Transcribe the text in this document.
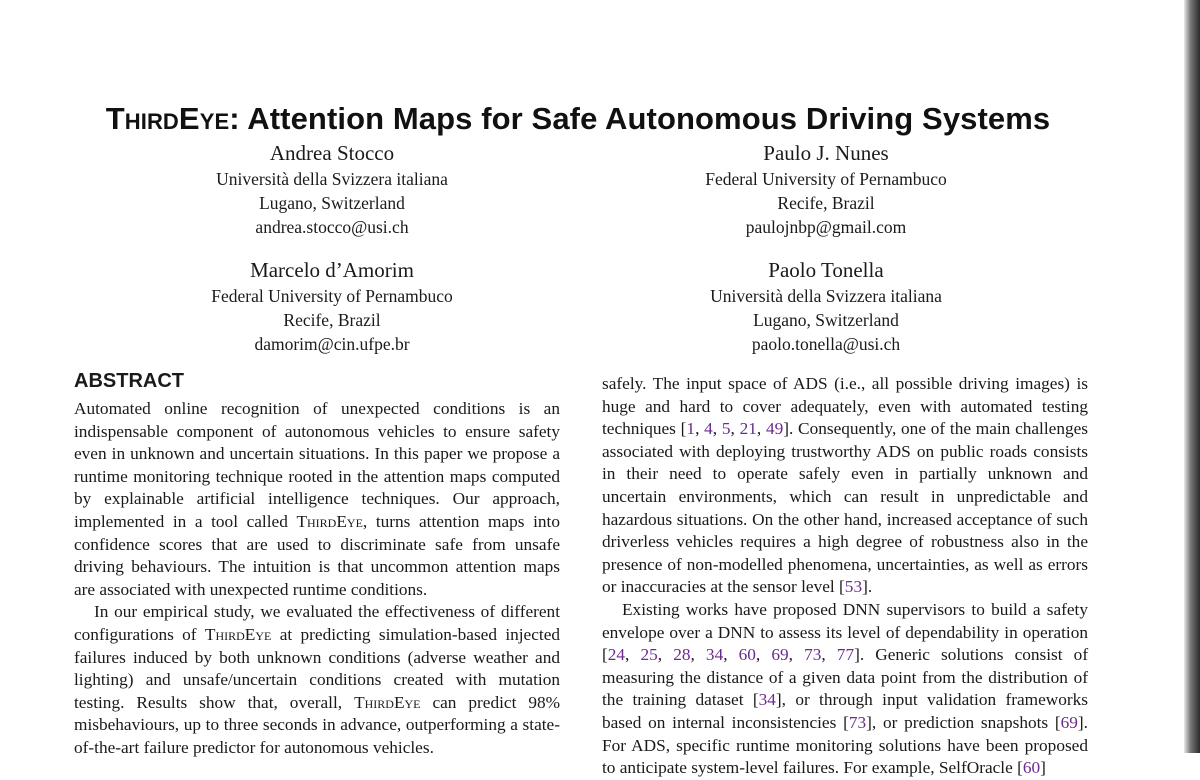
ThirdEye: Attention Maps for Safe Autonomous Driving Systems
Andrea Stocco
Università della Svizzera italiana
Lugano, Switzerland
andrea.stocco@usi.ch
Paulo J. Nunes
Federal University of Pernambuco
Recife, Brazil
paulojnbp@gmail.com
Marcelo d’Amorim
Federal University of Pernambuco
Recife, Brazil
damorim@cin.ufpe.br
Paolo Tonella
Università della Svizzera italiana
Lugano, Switzerland
paolo.tonella@usi.ch
ABSTRACT

Automated online recognition of unexpected conditions is an indispensable component of autonomous vehicles to ensure safety even in unknown and uncertain situations. In this paper we propose a runtime monitoring technique rooted in the attention maps computed by explainable artificial intelligence techniques. Our approach, implemented in a tool called ThirdEye, turns attention maps into confidence scores that are used to discriminate safe from unsafe driving behaviours. The intuition is that uncommon attention maps are associated with unexpected runtime conditions.

In our empirical study, we evaluated the effectiveness of different configurations of ThirdEye at predicting simulation-based injected failures induced by both unknown conditions (adverse weather and lighting) and unsafe/uncertain conditions created with mutation testing. Results show that, overall, ThirdEye can predict 98% misbehaviours, up to three seconds in advance, outperforming a state-of-the-art failure predictor for autonomous vehicles.

safely. The input space of ADS (i.e., all possible driving images) is huge and hard to cover adequately, even with automated testing techniques [1, 4, 5, 21, 49]. Consequently, one of the main challenges associated with deploying trustworthy ADS on public roads consists in their need to operate safely even in partially unknown and uncertain environments, which can result in unpredictable and hazardous situations. On the other hand, increased acceptance of such driverless vehicles requires a high degree of robustness also in the presence of non-modelled phenomena, uncertainties, as well as errors or inaccuracies at the sensor level [53].

Existing works have proposed DNN supervisors to build a safety envelope over a DNN to assess its level of dependability in operation [24, 25, 28, 34, 60, 69, 73, 77]. Generic solutions consist of measuring the distance of a given data point from the distribution of the training dataset [34], or through input validation frameworks based on internal inconsistencies [73], or prediction snapshots [69]. For ADS, specific runtime monitoring solutions have been proposed to anticipate system-level failures. For example, SelfOracle [60]
